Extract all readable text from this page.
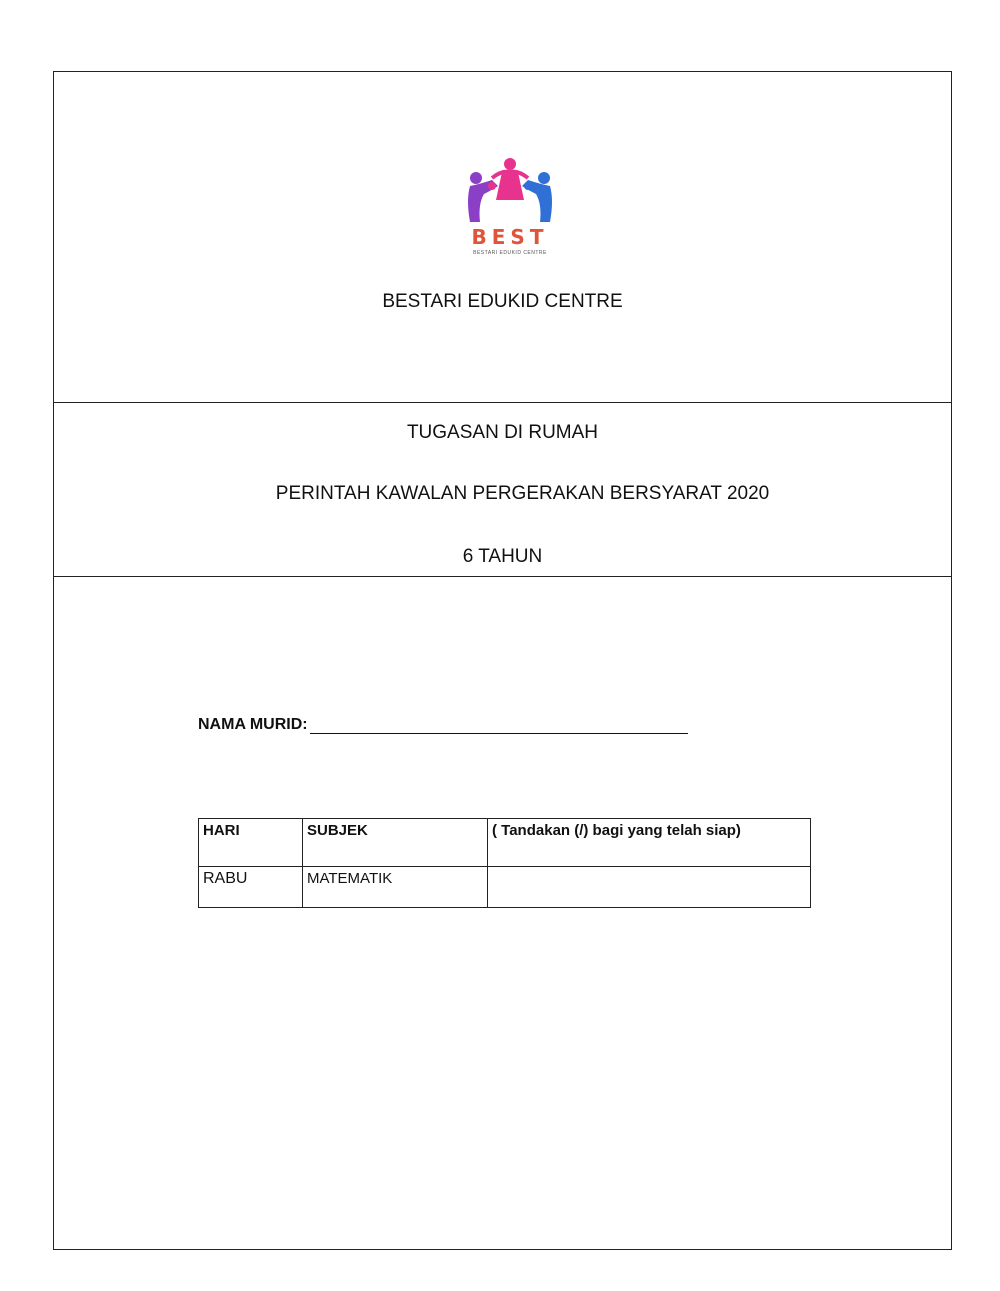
BEST
BESTARI EDUKID CENTRE
BESTARI EDUKID CENTRE
TUGASAN DI RUMAH
PERINTAH KAWALAN PERGERAKAN BERSYARAT 2020
6 TAHUN
NAMA MURID:
HARI	SUBJEK	( Tandakan (/) bagi yang telah siap)
RABU	MATEMATIK	
